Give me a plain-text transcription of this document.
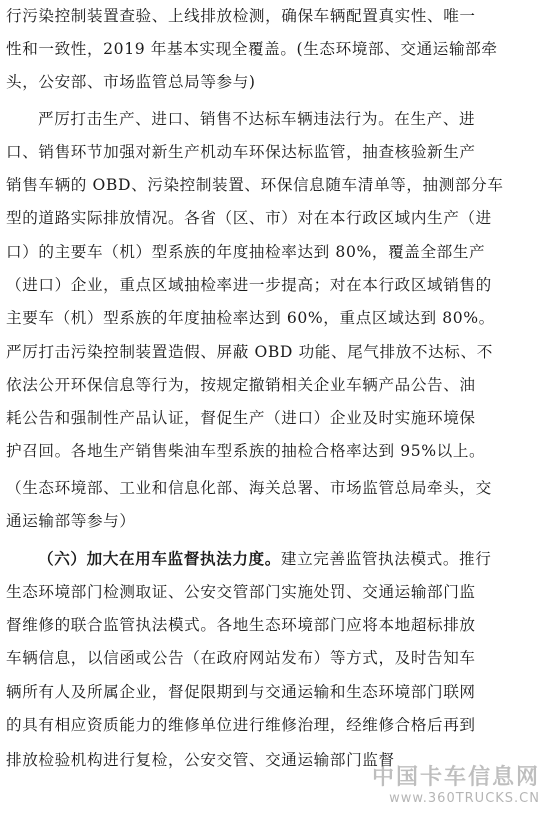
行污染控制装置查验、上线排放检测，确保车辆配置真实性、唯一
性和一致性，2019 年基本实现全覆盖。(生态环境部、交通运输部牵
头，公安部、市场监管总局等参与)
严厉打击生产、进口、销售不达标车辆违法行为。在生产、进
口、销售环节加强对新生产机动车环保达标监管，抽查核验新生产
销售车辆的 OBD、污染控制装置、环保信息随车清单等，抽测部分车
型的道路实际排放情况。各省（区、市）对在本行政区域内生产（进
口）的主要车（机）型系族的年度抽检率达到 80%，覆盖全部生产
（进口）企业，重点区域抽检率进一步提高；对在本行政区域销售的
主要车（机）型系族的年度抽检率达到 60%，重点区域达到 80%。
严厉打击污染控制装置造假、屏蔽 OBD 功能、尾气排放不达标、不
依法公开环保信息等行为，按规定撤销相关企业车辆产品公告、油
耗公告和强制性产品认证，督促生产（进口）企业及时实施环境保
护召回。各地生产销售柴油车型系族的抽检合格率达到 95%以上。
（生态环境部、工业和信息化部、海关总署、市场监管总局牵头，交
通运输部等参与）
（六）加大在用车监督执法力度。建立完善监管执法模式。推行
生态环境部门检测取证、公安交管部门实施处罚、交通运输部门监
督维修的联合监管执法模式。各地生态环境部门应将本地超标排放
车辆信息，以信函或公告（在政府网站发布）等方式，及时告知车
辆所有人及所属企业，督促限期到与交通运输和生态环境部门联网
的具有相应资质能力的维修单位进行维修治理，经维修合格后再到
排放检验机构进行复检，公安交管、交通运输部门监督
中国卡车信息网
www.360TRUCKS.CN
